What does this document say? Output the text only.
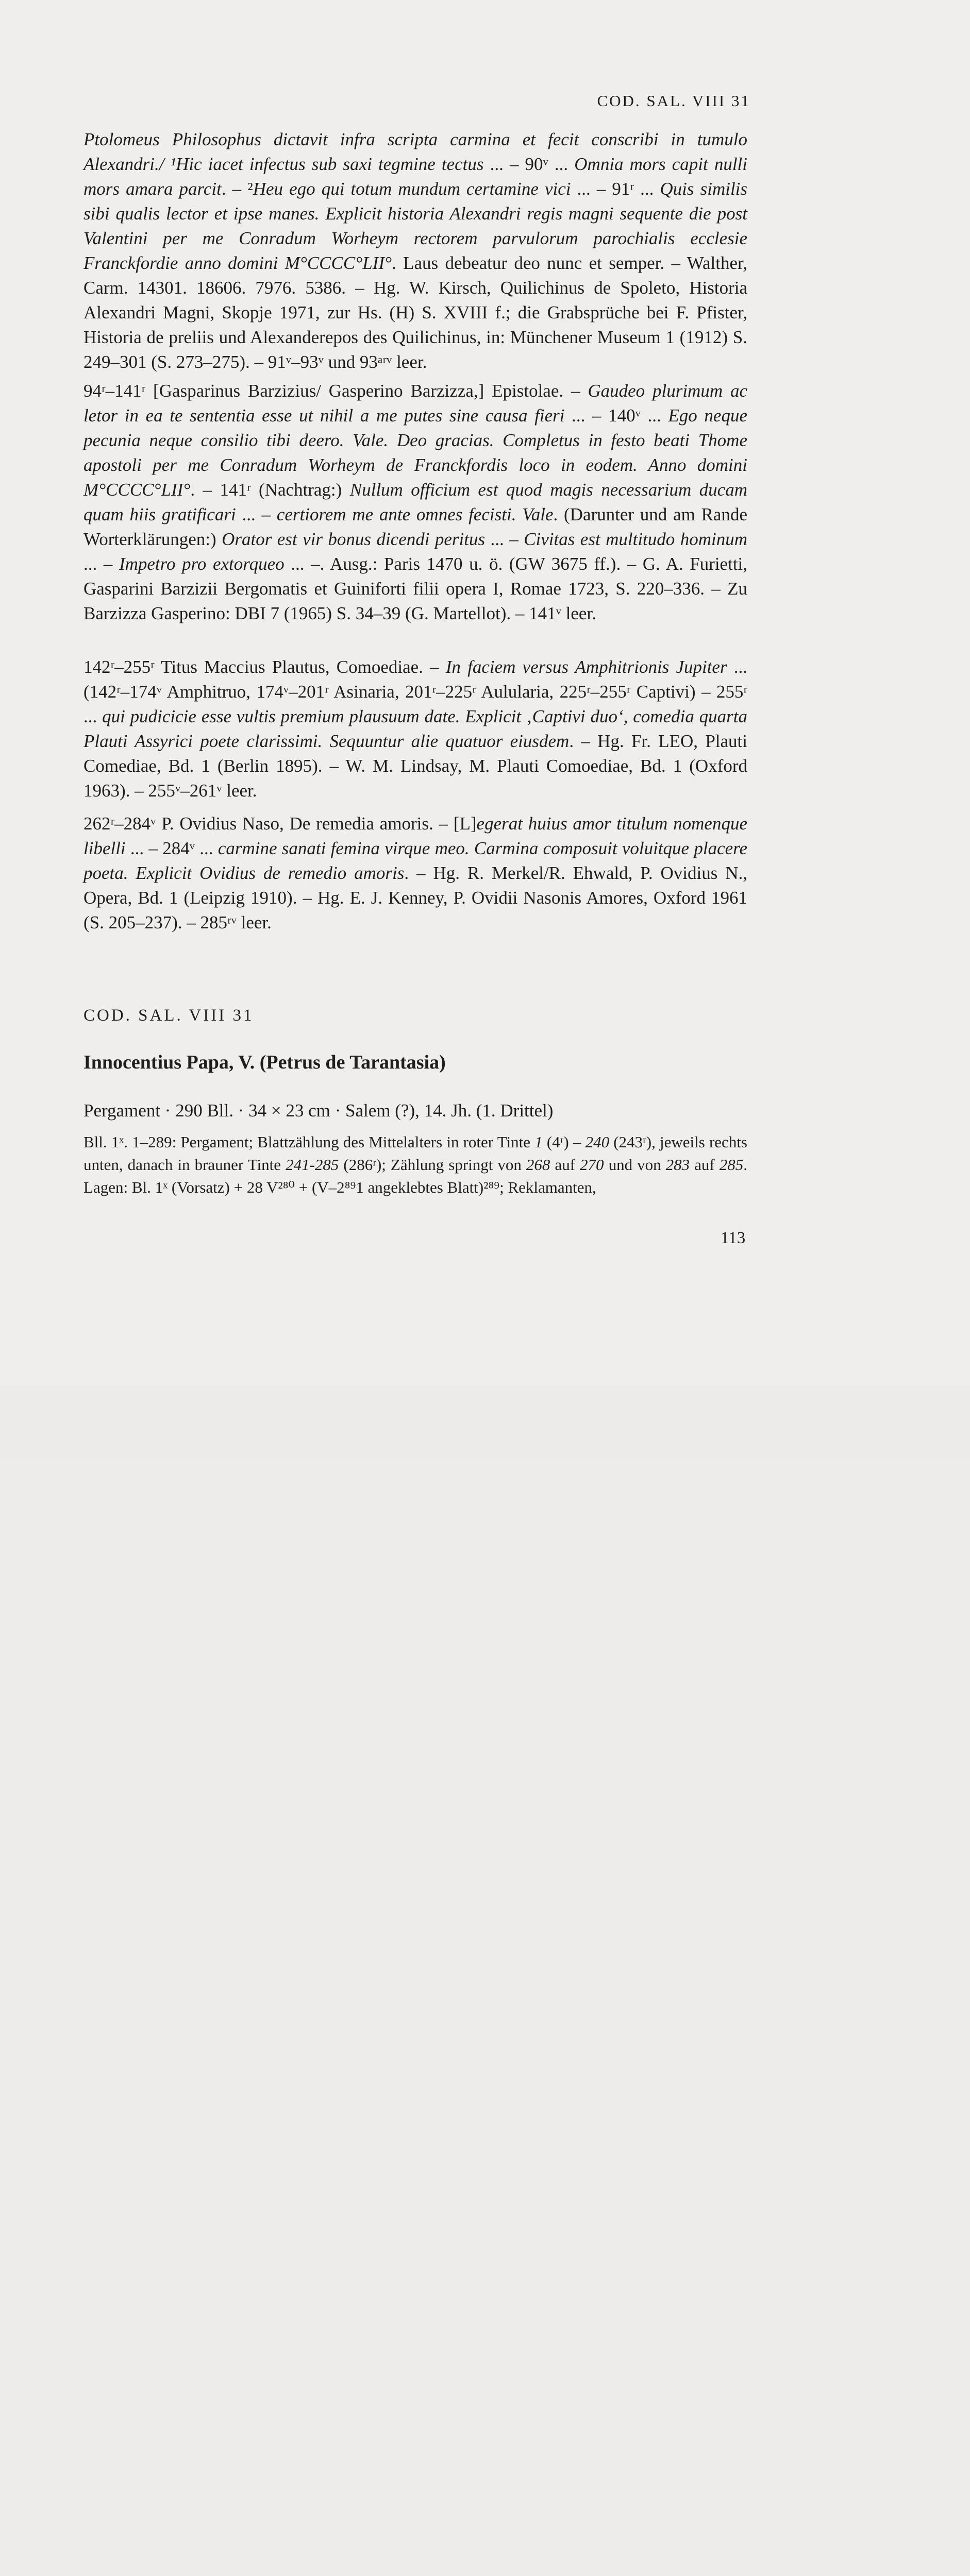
COD. SAL. VIII 31

Ptolomeus Philosophus dictavit infra scripta carmina et fecit conscribi in tumulo Alexandri./ ¹Hic iacet infectus sub saxi tegmine tectus ... – 90ᵛ ... Omnia mors capit nulli mors amara parcit. – ²Heu ego qui totum mundum certamine vici ... – 91ʳ ... Quis similis sibi qualis lector et ipse manes. Explicit historia Alexandri regis magni sequente die post Valentini per me Conradum Worheym rectorem parvulorum parochialis ecclesie Franckfordie anno domini M°CCCC°LII°. Laus debeatur deo nunc et semper. – Walther, Carm. 14301. 18606. 7976. 5386. – Hg. W. Kirsch, Quilichinus de Spoleto, Historia Alexandri Magni, Skopje 1971, zur Hs. (H) S. XVIII f.; die Grabsprüche bei F. Pfister, Historia de preliis und Alexanderepos des Quilichinus, in: Münchener Museum 1 (1912) S. 249–301 (S. 273–275). – 91ᵛ–93ᵛ und 93ᵃʳᵛ leer.

94ʳ–141ʳ [Gasparinus Barzizius/ Gasperino Barzizza,] Epistolae. – Gaudeo plurimum ac letor in ea te sententia esse ut nihil a me putes sine causa fieri ... – 140ᵛ ... Ego neque pecunia neque consilio tibi deero. Vale. Deo gracias. Completus in festo beati Thome apostoli per me Conradum Worheym de Franckfordis loco in eodem. Anno domini M°CCCC°LII°. – 141ʳ (Nachtrag:) Nullum officium est quod magis necessarium ducam quam hiis gratificari ... – certiorem me ante omnes fecisti. Vale. (Darunter und am Rande Worterklärungen:) Orator est vir bonus dicendi peritus ... – Civitas est multitudo hominum ... – Impetro pro extorqueo ... –. Ausg.: Paris 1470 u. ö. (GW 3675 ff.). – G. A. Furietti, Gasparini Barzizii Bergomatis et Guiniforti filii opera I, Romae 1723, S. 220–336. – Zu Barzizza Gasperino: DBI 7 (1965) S. 34–39 (G. Martellot). – 141ᵛ leer.

142ʳ–255ʳ Titus Maccius Plautus, Comoediae. – In faciem versus Amphitrionis Jupiter ... (142ʳ–174ᵛ Amphitruo, 174ᵛ–201ʳ Asinaria, 201ʳ–225ʳ Aulularia, 225ʳ–255ʳ Captivi) – 255ʳ ... qui pudicicie esse vultis premium plausuum date. Explicit ‚Captivi duo‘, comedia quarta Plauti Assyrici poete clarissimi. Sequuntur alie quatuor eiusdem. – Hg. Fr. LEO, Plauti Comediae, Bd. 1 (Berlin 1895). – W. M. Lindsay, M. Plauti Comoediae, Bd. 1 (Oxford 1963). – 255ᵛ–261ᵛ leer.

262ʳ–284ᵛ P. Ovidius Naso, De remedia amoris. – [L]egerat huius amor titulum nomenque libelli ... – 284ᵛ ... carmine sanati femina virque meo. Carmina composuit voluitque placere poeta. Explicit Ovidius de remedio amoris. – Hg. R. Merkel/R. Ehwald, P. Ovidius N., Opera, Bd. 1 (Leipzig 1910). – Hg. E. J. Kenney, P. Ovidii Nasonis Amores, Oxford 1961 (S. 205–237). – 285ʳᵛ leer.

COD. SAL. VIII 31
Innocentius Papa, V. (Petrus de Tarantasia)
Pergament · 290 Bll. · 34 × 23 cm · Salem (?), 14. Jh. (1. Drittel)
Bll. 1ˣ. 1–289: Pergament; Blattzählung des Mittelalters in roter Tinte 1 (4ʳ) – 240 (243ʳ), jeweils rechts unten, danach in brauner Tinte 241-285 (286ʳ); Zählung springt von 268 auf 270 und von 283 auf 285. Lagen: Bl. 1ˣ (Vorsatz) + 28 V²⁸⁰ + (V–2⁸⁹1 angeklebtes Blatt)²⁸⁹; Reklamanten,
113
